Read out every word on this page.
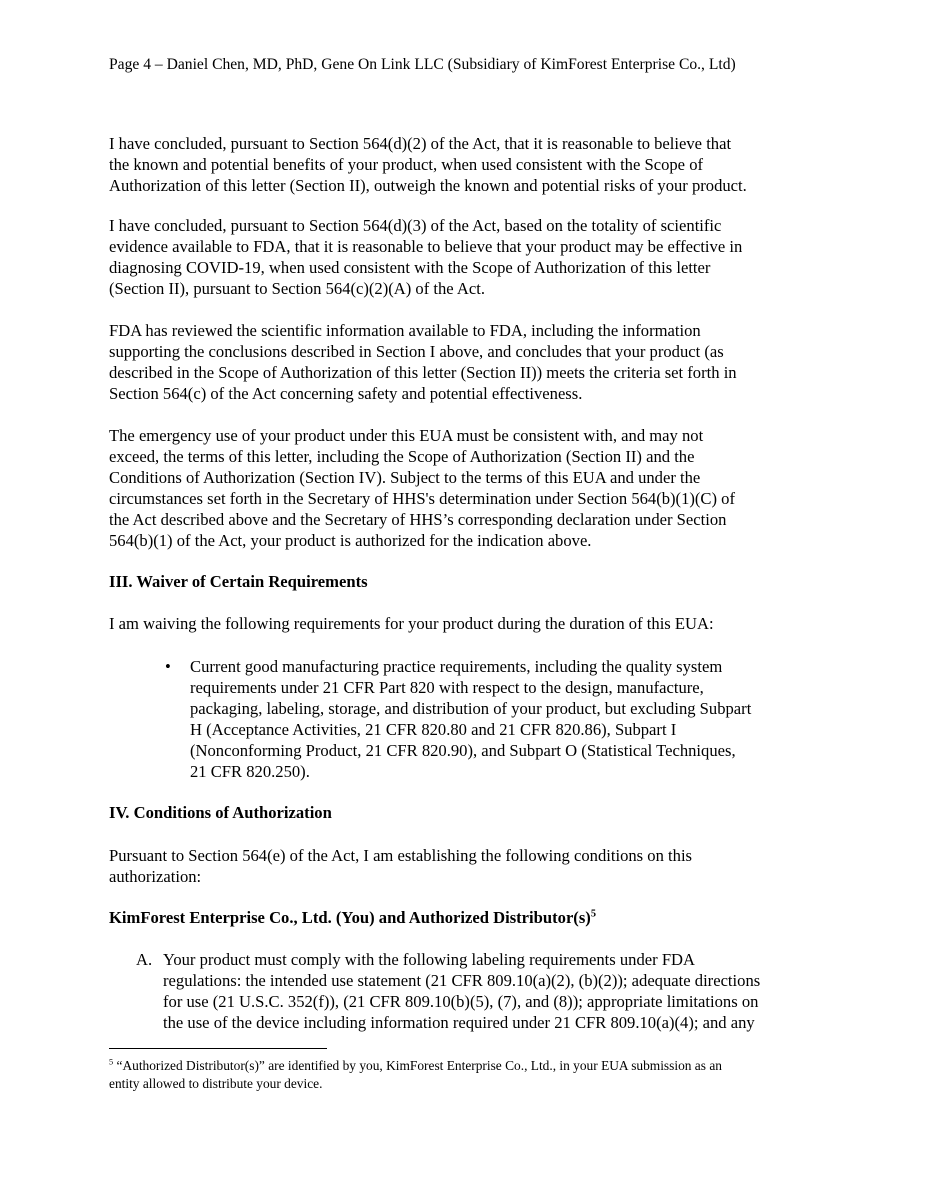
Page 4 – Daniel Chen, MD, PhD, Gene On Link LLC (Subsidiary of KimForest Enterprise Co., Ltd)
I have concluded, pursuant to Section 564(d)(2) of the Act, that it is reasonable to believe that
the known and potential benefits of your product, when used consistent with the Scope of
Authorization of this letter (Section II), outweigh the known and potential risks of your product.
I have concluded, pursuant to Section 564(d)(3) of the Act, based on the totality of scientific
evidence available to FDA, that it is reasonable to believe that your product may be effective in
diagnosing COVID-19, when used consistent with the Scope of Authorization of this letter
(Section II), pursuant to Section 564(c)(2)(A) of the Act.
FDA has reviewed the scientific information available to FDA, including the information
supporting the conclusions described in Section I above, and concludes that your product (as
described in the Scope of Authorization of this letter (Section II)) meets the criteria set forth in
Section 564(c) of the Act concerning safety and potential effectiveness.
The emergency use of your product under this EUA must be consistent with, and may not
exceed, the terms of this letter, including the Scope of Authorization (Section II) and the
Conditions of Authorization (Section IV). Subject to the terms of this EUA and under the
circumstances set forth in the Secretary of HHS's determination under Section 564(b)(1)(C) of
the Act described above and the Secretary of HHS’s corresponding declaration under Section
564(b)(1) of the Act, your product is authorized for the indication above.
III. Waiver of Certain Requirements
I am waiving the following requirements for your product during the duration of this EUA:
• Current good manufacturing practice requirements, including the quality system
requirements under 21 CFR Part 820 with respect to the design, manufacture,
packaging, labeling, storage, and distribution of your product, but excluding Subpart
H (Acceptance Activities, 21 CFR 820.80 and 21 CFR 820.86), Subpart I
(Nonconforming Product, 21 CFR 820.90), and Subpart O (Statistical Techniques,
21 CFR 820.250).
IV. Conditions of Authorization
Pursuant to Section 564(e) of the Act, I am establishing the following conditions on this
authorization:
KimForest Enterprise Co., Ltd. (You) and Authorized $Distributor(s)^5$
A. Your product must comply with the following labeling requirements under FDA
regulations: the intended use statement (21 CFR 809.10(a)(2), (b)(2)); adequate directions
for use (21 U.S.C. 352(f)), (21 CFR 809.10(b)(5), (7), and (8)); appropriate limitations on
the use of the device including information required under 21 CFR 809.10(a)(4); and any
$^5$ “Authorized Distributor(s)” are identified by you, KimForest Enterprise Co., Ltd., in your EUA submission as an
entity allowed to distribute your device.
